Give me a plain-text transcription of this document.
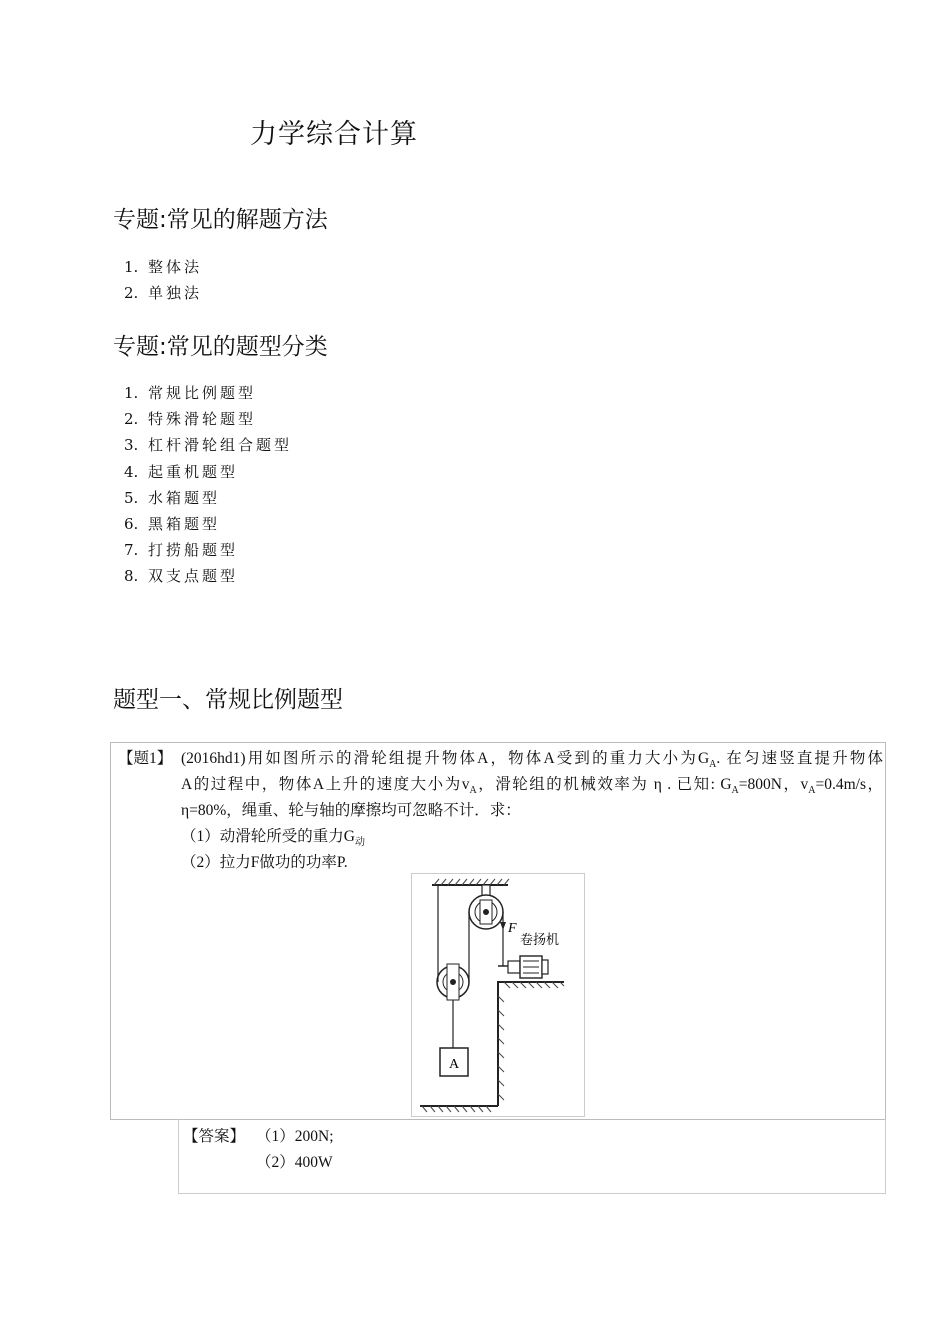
力学综合计算
专题:常见的解题方法
1. 整体法
2. 单独法
专题:常见的题型分类
1. 常规比例题型
2. 特殊滑轮题型
3. 杠杆滑轮组合题型
4. 起重机题型
5. 水箱题型
6. 黑箱题型
7. 打捞船题型
8. 双支点题型
题型一、常规比例题型
【题1】 (2016hd1)用如图所示的滑轮组提升物体A，物体A受到的重力大小为$G_A$. 在匀速竖直提升物体
A的过程中，物体A上升的速度大小为$v_A$，滑轮组的机械效率为 η . 已知: $G_A=800N$，$v_A=0.4m/s$，
η=80%，绳重、轮与轴的摩擦均可忽略不计．求：
（1）动滑轮所受的重力$G_动$
（2）拉力F做功的功率P.
A
F
卷扬机
【答案】 （1）200N;
（2）400W
